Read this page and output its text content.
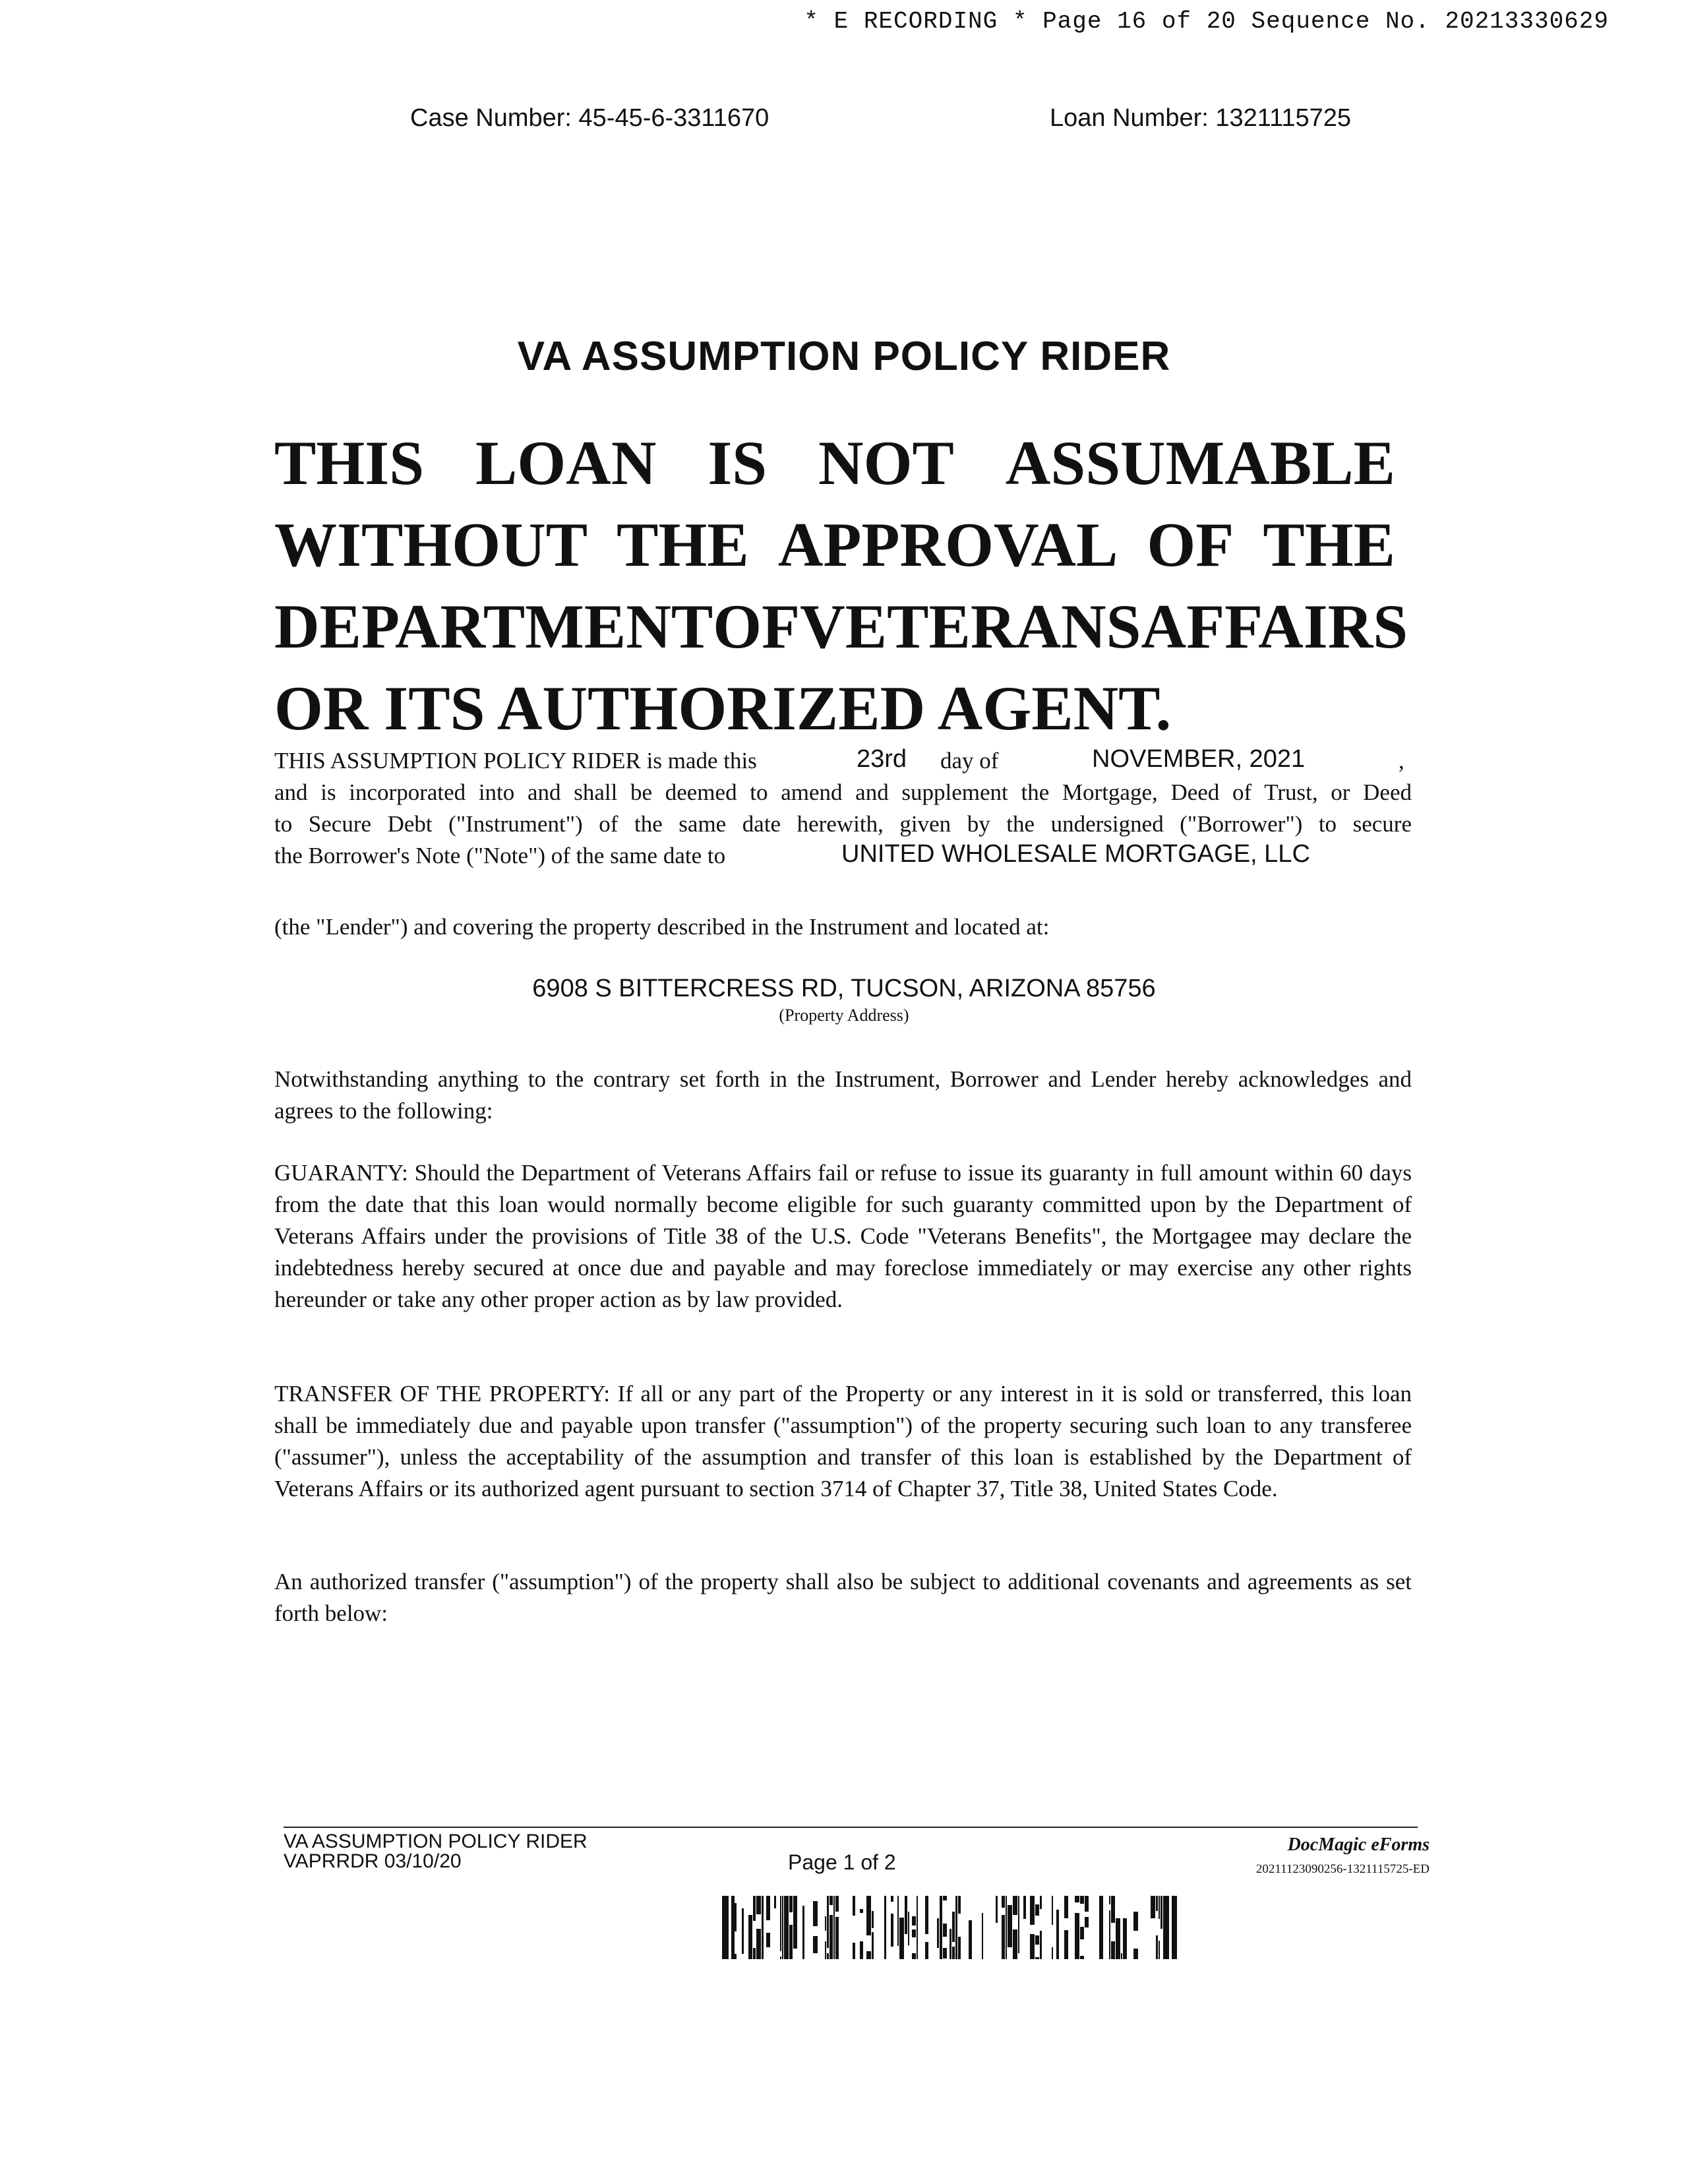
* E RECORDING * Page 16 of 20 Sequence No. 20213330629
Case Number: 45-45-6-3311670	Loan Number: 1321115725
VA ASSUMPTION POLICY RIDER
THIS LOAN IS NOT ASSUMABLE
WITHOUT THE APPROVAL OF THE
DEPARTMENT OF VETERANS AFFAIRS
OR ITS AUTHORIZED AGENT.
THIS ASSUMPTION POLICY RIDER is made this	23rd day of	NOVEMBER, 2021	,
and is incorporated into and shall be deemed to amend and supplement the Mortgage, Deed of Trust, or Deed
to Secure Debt ("Instrument") of the same date herewith, given by the undersigned ("Borrower") to secure
the Borrower's Note ("Note") of the same date to	UNITED WHOLESALE MORTGAGE, LLC
(the "Lender") and covering the property described in the Instrument and located at:
6908 S BITTERCRESS RD, TUCSON, ARIZONA 85756
(Property Address)
Notwithstanding anything to the contrary set forth in the Instrument, Borrower and Lender hereby acknowledges and agrees to the following:
GUARANTY: Should the Department of Veterans Affairs fail or refuse to issue its guaranty in full amount within 60 days from the date that this loan would normally become eligible for such guaranty committed upon by the Department of Veterans Affairs under the provisions of Title 38 of the U.S. Code "Veterans Benefits", the Mortgagee may declare the indebtedness hereby secured at once due and payable and may foreclose immediately or may exercise any other rights hereunder or take any other proper action as by law provided.
TRANSFER OF THE PROPERTY: If all or any part of the Property or any interest in it is sold or transferred, this loan shall be immediately due and payable upon transfer ("assumption") of the property securing such loan to any transferee ("assumer"), unless the acceptability of the assumption and transfer of this loan is established by the Department of Veterans Affairs or its authorized agent pursuant to section 3714 of Chapter 37, Title 38, United States Code.
An authorized transfer ("assumption") of the property shall also be subject to additional covenants and agreements as set forth below:
VA ASSUMPTION POLICY RIDER
VAPRRDR 03/10/20	Page 1 of 2
DocMagic eForms
20211123090256-1321115725-ED
